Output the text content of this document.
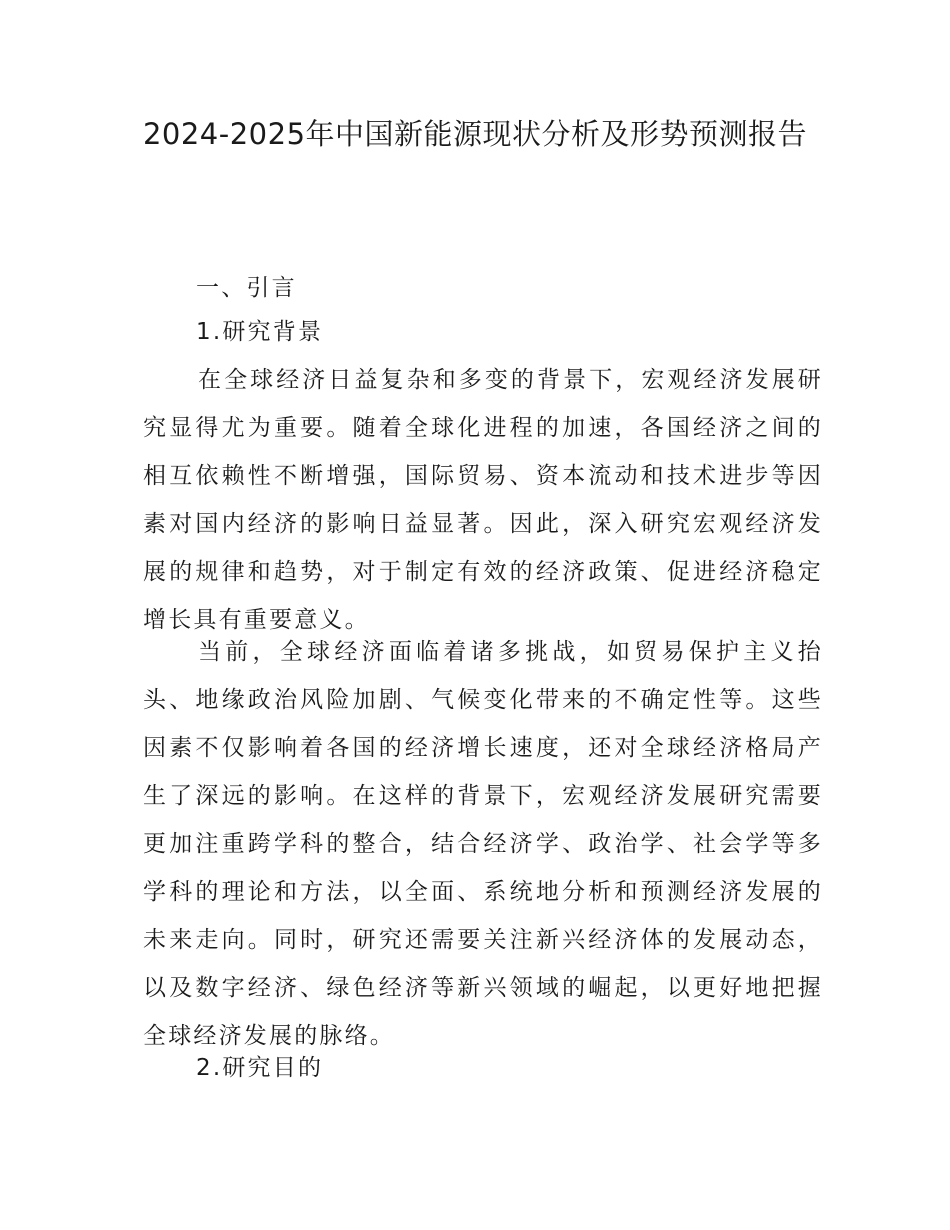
2024-2025年中国新能源现状分析及形势预测报告

一、引言

1.研究背景

在全球经济日益复杂和多变的背景下，宏观经济发展研究显得尤为重要。随着全球化进程的加速，各国经济之间的相互依赖性不断增强，国际贸易、资本流动和技术进步等因素对国内经济的影响日益显著。因此，深入研究宏观经济发展的规律和趋势，对于制定有效的经济政策、促进经济稳定增长具有重要意义。

当前，全球经济面临着诸多挑战，如贸易保护主义抬头、地缘政治风险加剧、气候变化带来的不确定性等。这些因素不仅影响着各国的经济增长速度，还对全球经济格局产生了深远的影响。在这样的背景下，宏观经济发展研究需要更加注重跨学科的整合，结合经济学、政治学、社会学等多学科的理论和方法，以全面、系统地分析和预测经济发展的未来走向。同时，研究还需要关注新兴经济体的发展动态，以及数字经济、绿色经济等新兴领域的崛起，以更好地把握全球经济发展的脉络。

2.研究目的
